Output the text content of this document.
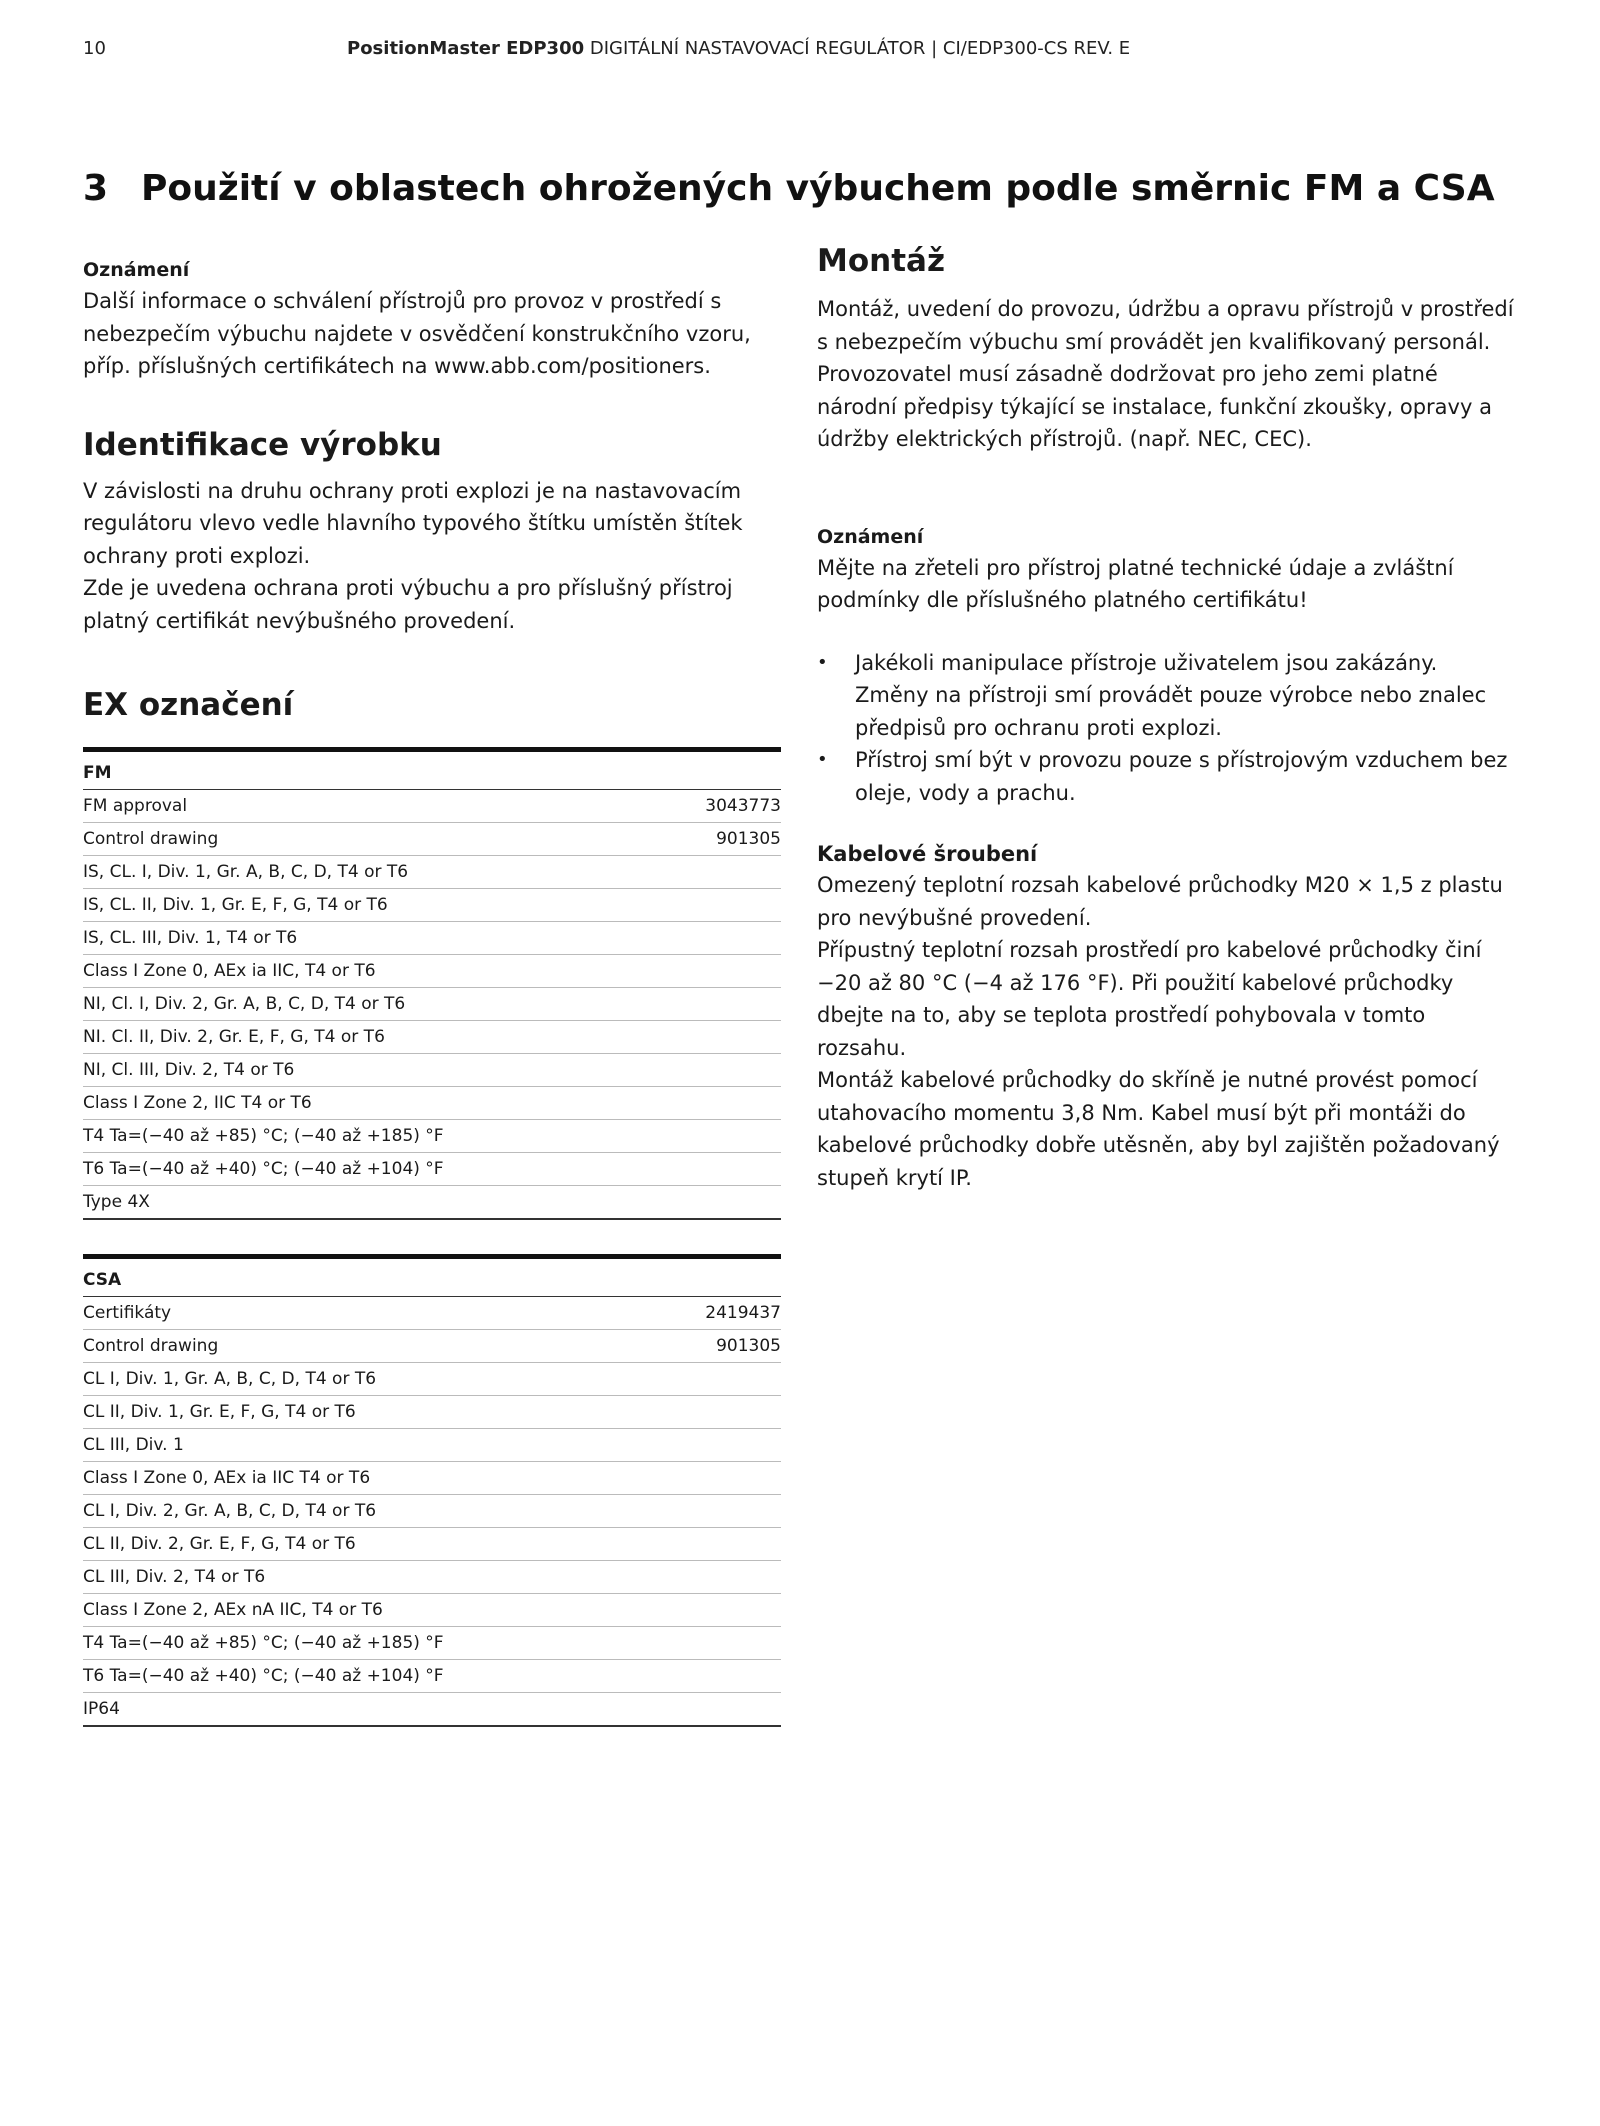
10	PositionMaster EDP300 DIGITÁLNÍ NASTAVOVACÍ REGULÁTOR | CI/EDP300-CS REV. E
3 Použití v oblastech ohrožených výbuchem podle směrnic FM a CSA

Oznámení

Další informace o schválení přístrojů pro provoz v prostředí s nebezpečím výbuchu najdete v osvědčení konstrukčního vzoru, příp. příslušných certifikátech na www.abb.com/positioners.

Identifikace výrobku

V závislosti na druhu ochrany proti explozi je na nastavovacím regulátoru vlevo vedle hlavního typového štítku umístěn štítek ochrany proti explozi.

Zde je uvedena ochrana proti výbuchu a pro příslušný přístroj platný certifikát nevýbušného provedení.

EX označení
FM	
FM approval	3043773
Control drawing	901305
IS, CL. I, Div. 1, Gr. A, B, C, D, T4 or T6	
IS, CL. II, Div. 1, Gr. E, F, G, T4 or T6	
IS, CL. III, Div. 1, T4 or T6	
Class I Zone 0, AEx ia IIC, T4 or T6	
NI, Cl. I, Div. 2, Gr. A, B, C, D, T4 or T6	
NI. Cl. II, Div. 2, Gr. E, F, G, T4 or T6	
NI, Cl. III, Div. 2, T4 or T6	
Class I Zone 2, IIC T4 or T6	
T4 Ta=(−40 až +85) °C; (−40 až +185) °F	
T6 Ta=(−40 až +40) °C; (−40 až +104) °F	
Type 4X	
CSA	
Certifikáty	2419437
Control drawing	901305
CL I, Div. 1, Gr. A, B, C, D, T4 or T6	
CL II, Div. 1, Gr. E, F, G, T4 or T6	
CL III, Div. 1	
Class I Zone 0, AEx ia IIC T4 or T6	
CL I, Div. 2, Gr. A, B, C, D, T4 or T6	
CL II, Div. 2, Gr. E, F, G, T4 or T6	
CL III, Div. 2, T4 or T6	
Class I Zone 2, AEx nA IIC, T4 or T6	
T4 Ta=(−40 až +85) °C; (−40 až +185) °F	
T6 Ta=(−40 až +40) °C; (−40 až +104) °F	
IP64	
Montáž

Montáž, uvedení do provozu, údržbu a opravu přístrojů v prostředí s nebezpečím výbuchu smí provádět jen kvalifikovaný personál.

Provozovatel musí zásadně dodržovat pro jeho zemi platné národní předpisy týkající se instalace, funkční zkoušky, opravy a údržby elektrických přístrojů. (např. NEC, CEC).

Oznámení

Mějte na zřeteli pro přístroj platné technické údaje a zvláštní podmínky dle příslušného platného certifikátu!

• Jakékoli manipulace přístroje uživatelem jsou zakázány. Změny na přístroji smí provádět pouze výrobce nebo znalec předpisů pro ochranu proti explozi.
• Přístroj smí být v provozu pouze s přístrojovým vzduchem bez oleje, vody a prachu.

Kabelové šroubení

Omezený teplotní rozsah kabelové průchodky M20 × 1,5 z plastu pro nevýbušné provedení.

Přípustný teplotní rozsah prostředí pro kabelové průchodky činí −20 až 80 °C (−4 až 176 °F). Při použití kabelové průchodky dbejte na to, aby se teplota prostředí pohybovala v tomto rozsahu.

Montáž kabelové průchodky do skříně je nutné provést pomocí utahovacího momentu 3,8 Nm. Kabel musí být při montáži do kabelové průchodky dobře utěsněn, aby byl zajištěn požadovaný stupeň krytí IP.
